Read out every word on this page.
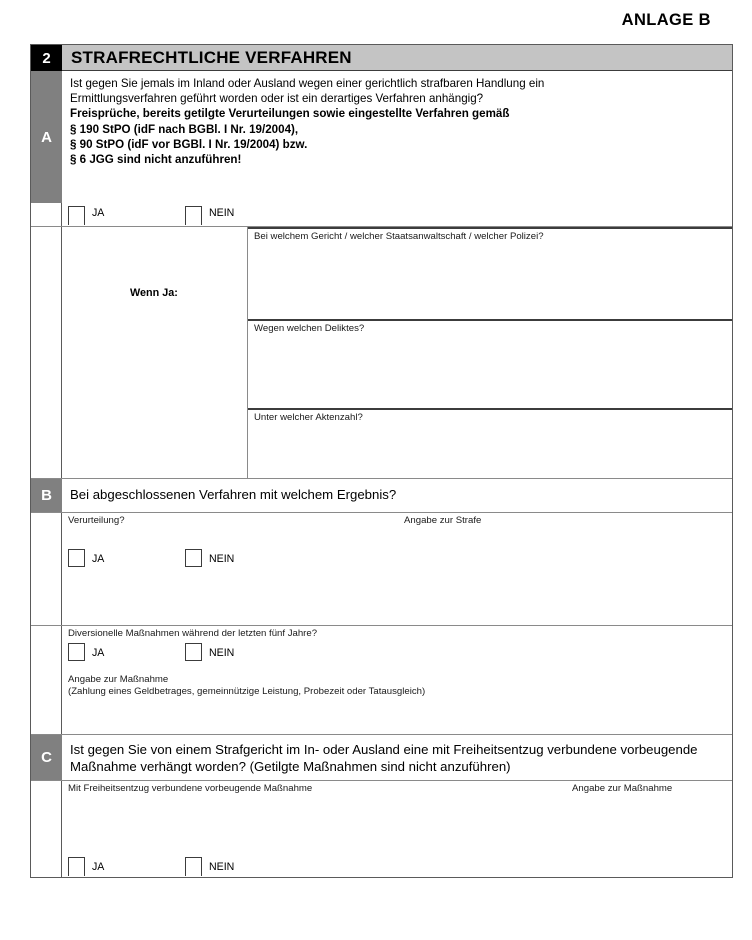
ANLAGE B
2	STRAFRECHTLICHE VERFAHREN
A
Ist gegen Sie jemals im Inland oder Ausland wegen einer gerichtlich strafbaren Handlung ein
Ermittlungsverfahren geführt worden oder ist ein derartiges Verfahren anhängig?
Freisprüche, bereits getilgte Verurteilungen sowie eingestellte Verfahren gemäß
§ 190 StPO (idF nach BGBl. I Nr. 19/2004),
§ 90 StPO (idF vor BGBl. I Nr. 19/2004) bzw.
§ 6 JGG sind nicht anzuführen!
JA	NEIN
Wenn Ja:
Bei welchem Gericht / welcher Staatsanwaltschaft / welcher Polizei?
Wegen welchen Deliktes?
Unter welcher Aktenzahl?
B	Bei abgeschlossenen Verfahren mit welchem Ergebnis?
Verurteilung?	Angabe zur Strafe
JA	NEIN
Diversionelle Maßnahmen während der letzten fünf Jahre?
JA	NEIN
Angabe zur Maßnahme
(Zahlung eines Geldbetrages, gemeinnützige Leistung, Probezeit oder Tatausgleich)
C	Ist gegen Sie von einem Strafgericht im In- oder Ausland eine mit Freiheitsentzug verbundene vorbeugende
Maßnahme verhängt worden? (Getilgte Maßnahmen sind nicht anzuführen)
Mit Freiheitsentzug verbundene vorbeugende Maßnahme	Angabe zur Maßnahme
JA	NEIN
